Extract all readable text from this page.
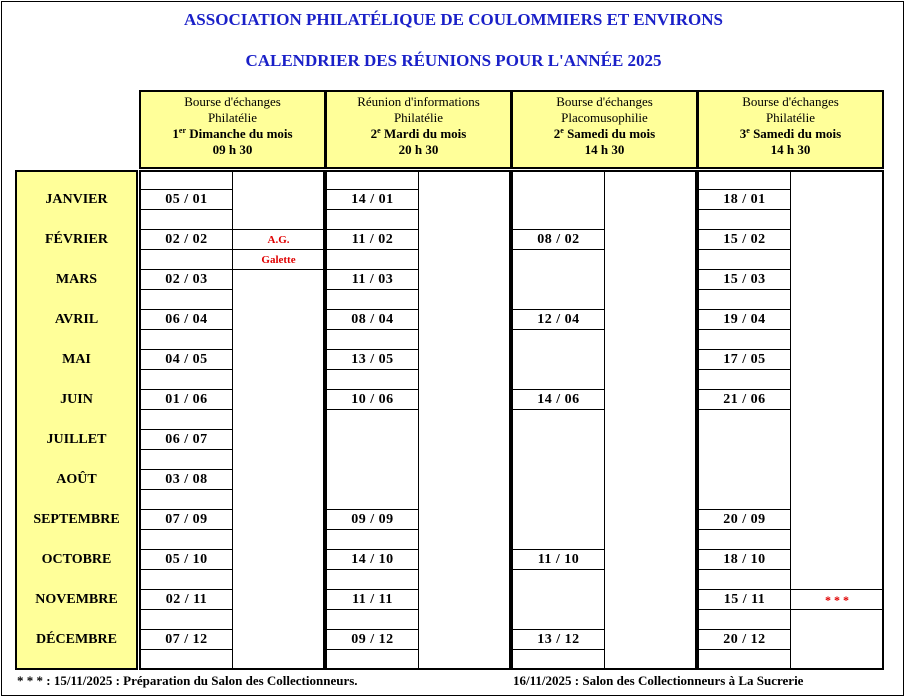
ASSOCIATION PHILATÉLIQUE DE COULOMMIERS ET ENVIRONS
CALENDRIER DES RÉUNIONS POUR L'ANNÉE 2025
Bourse d'échanges
Philatélie
1er Dimanche du mois
09 h 30
Réunion d'informations
Philatélie
2e Mardi du mois
20 h 30
Bourse d'échanges
Placomusophilie
2e Samedi du mois
14 h 30
Bourse d'échanges
Philatélie
3e Samedi du mois
14 h 30
JANVIER
FÉVRIER
MARS
AVRIL
MAI
JUIN
JUILLET
AOÛT
SEPTEMBRE
OCTOBRE
NOVEMBRE
DÉCEMBRE
05 / 01
02 / 02
02 / 03
06 / 04
04 / 05
01 / 06
06 / 07
03 / 08
07 / 09
05 / 10
02 / 11
07 / 12
14 / 01
11 / 02
11 / 03
08 / 04
13 / 05
10 / 06
09 / 09
14 / 10
11 / 11
09 / 12
08 / 02
12 / 04
14 / 06
11 / 10
13 / 12
18 / 01
15 / 02
15 / 03
19 / 04
17 / 05
21 / 06
20 / 09
18 / 10
15 / 11
20 / 12
A.G.
Galette
* * *
* * * : 15/11/2025 : Préparation du Salon des Collectionneurs.	16/11/2025 : Salon des Collectionneurs à La Sucrerie
